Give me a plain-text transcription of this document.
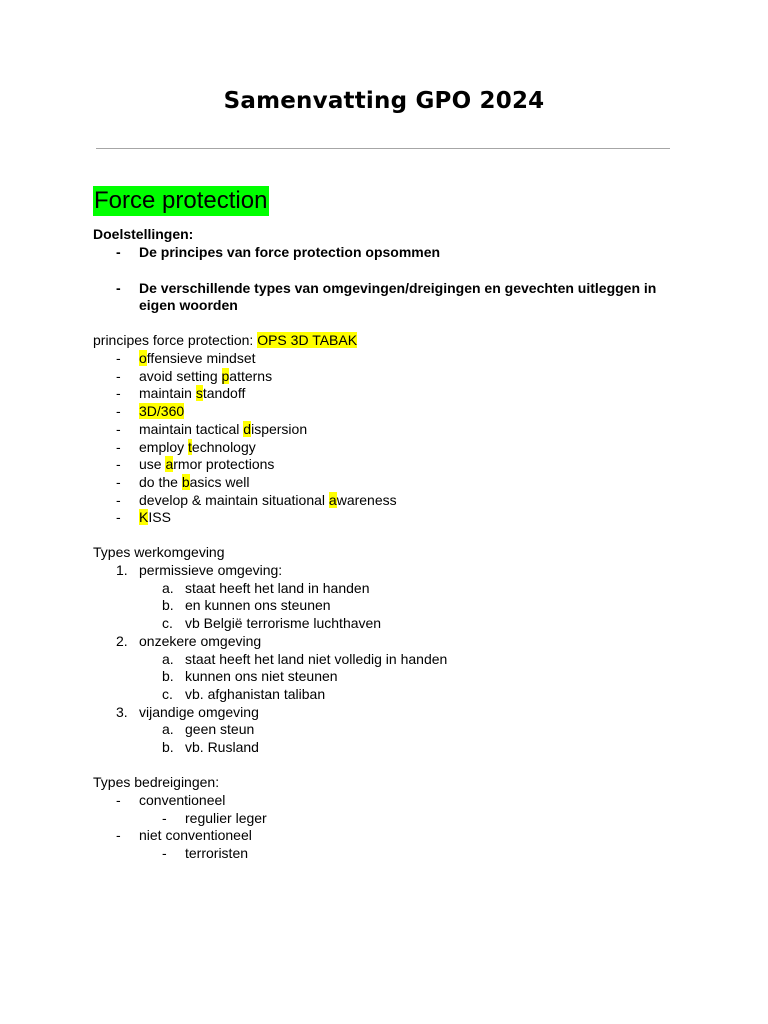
Samenvatting GPO 2024
Force protection
Doelstellingen:
- De principes van force protection opsommen
- De verschillende types van omgevingen/dreigingen en gevechten uitleggen in eigen woorden
principes force protection: OPS 3D TABAK
- offensieve mindset
- avoid setting patterns
- maintain standoff
- 3D/360
- maintain tactical dispersion
- employ technology
- use armor protections
- do the basics well
- develop & maintain situational awareness
- KISS
Types werkomgeving
1. permissieve omgeving:
a. staat heeft het land in handen
b. en kunnen ons steunen
c. vb België terrorisme luchthaven
2. onzekere omgeving
a. staat heeft het land niet volledig in handen
b. kunnen ons niet steunen
c. vb. afghanistan taliban
3. vijandige omgeving
a. geen steun
b. vb. Rusland
Types bedreigingen:
- conventioneel
- regulier leger
- niet conventioneel
- terroristen
